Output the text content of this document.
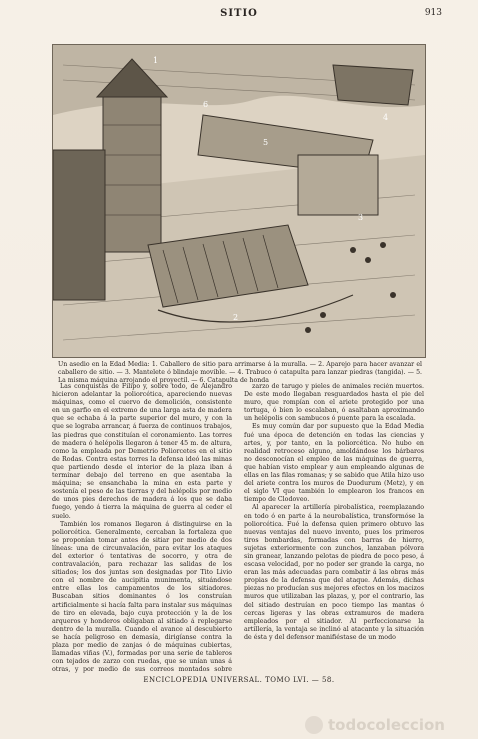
SITIO	913
1
6
3
2
4
5
Un asedio en la Edad Media: 1. Caballero de sitio para arrimarse á la muralla. — 2. Aparejo para hacer avanzar el caballero de sitio. — 3. Mantelete ó blindaje movible. — 4. Trabuco ó catapulta para lanzar piedras (tangida). — 5. La misma máquina arrojando el proyectil. — 6. Catapulta de honda

Las conquistas de Filipo y, sobre todo, de Alejandro hicieron adelantar la poliorcética, apareciendo nuevas máquinas, como el cuervo de demolición, consistente en un garfio en el extremo de una larga asta de madera que se echaba á la parte superior del muro, y con la que se lograba arrancar, á fuerza de continuos trabajos, las piedras que constituían el coronamiento. Las torres de madera ó helépolis llegaron á tener 45 m. de altura, como la empleada por Demetrio Poliorcetes en el sitio de Rodas. Contra estas torres la defensa ideó las minas que partiendo desde el interior de la plaza iban á terminar debajo del terreno en que asentaba la máquina; se ensanchaba la mina en esta parte y sostenía el peso de las tierras y del helépolis por medio de unos pies derechos de madera á los que se daba fuego, yendo á tierra la máquina de guerra al ceder el suelo.

También los romanos llegaron á distinguirse en la poliorcética. Generalmente, cercaban la fortaleza que se proponían tomar antes de sitiar por medio de dos líneas: una de circunvalación, para evitar los ataques del exterior ó tentativas de socorro, y otra de contravalación, para rechazar las salidas de los sitiados; los dos juntas son designadas por Tito Livio con el nombre de aucipitia munimenta, situándose entre ellas los campamentos de los sitiadores. Buscaban sitios dominantes ó los construían artificialmente si hacía falta para instalar sus máquinas de tiro en elevada, bajo cuya protección y la de los arqueros y honderos obligaban al sitiado á replegarse dentro de la muralla. Cuando el avance al descubierto se hacía peligroso en demasía, dirigíanse contra la plaza por medio de zanjas ó de máquinas cubiertas, llamadas viñas (V.), formadas por una serie de tableros con tejados de zarzo con ruedas, que se unían unas á otras, y por medio de sus correos montados sobre

zarzo de tarugo y pieles de animales recién muertos. De este modo llegaban resguardados hasta el pie del muro, que rompían con el ariete protegido por una tortuga, ó bien lo escalaban, ó asaltaban aproximando un helépolis con sambucos ó puente para la escalada.

Es muy común dar por supuesto que la Edad Media fué una época de detención en todas las ciencias y artes, y, por tanto, en la poliorcética. No hubo en realidad retroceso alguno, amoldándose los bárbaros no desconocían el empleo de las máquinas de guerra, que habían visto emplear y aun empleando algunas de ellas en las filas romanas; y se sabido que Atila hizo uso del ariete contra los muros de Duodurum (Metz), y en el siglo VI que también lo emplearon los francos en tiempo de Clodoveo.

Al aparecer la artillería pirobalística, reemplazando en todo ó en parte á la neurobalística, transformóse la poliorcética. Fué la defensa quien primero obtuvo las nuevas ventajas del nuevo invento, pues los primeros tiros bombardas, formadas con barras de hierro, sujetas exteriormente con zunchos, lanzaban pólvora sin granear, lanzando pelotas de piedra de poco peso, á escasa velocidad, por no poder ser grande la carga, no eran las más adecuadas para combatir á las obras más propias de la defensa que del ataque. Además, dichas piezas no producían sus mejores efectos en los macizos muros que utilizaban las plazas, y, por el contrario, las del sitiado destruían en poco tiempo las mantas ó cercas ligeras y las obras extramuros de madera empleados por el sitiador. Al perfeccionarse la artillería, la ventaja se inclinó al atacante y la situación de ésta y del defensor manifiéstase de un modo

ENCICLOPEDIA UNIVERSAL. TOMO LVI. — 58.
todocoleccion
